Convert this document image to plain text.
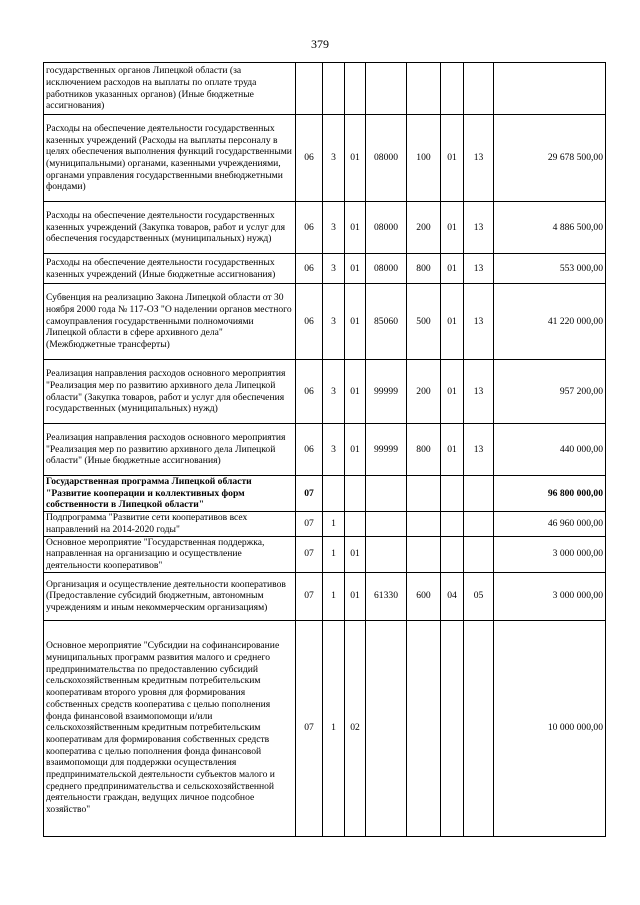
379
государственных органов Липецкой области (за исключением расходов на выплаты по оплате труда работников указанных органов) (Иные бюджетные ассигнования)								
Расходы на обеспечение деятельности государственных казенных учреждений (Расходы на выплаты персоналу в целях обеспечения выполнения функций государственными (муниципальными) органами, казенными учреждениями, органами управления государственными внебюджетными фондами)	06	3	01	08000	100	01	13	29 678 500,00
Расходы на обеспечение деятельности государственных казенных учреждений (Закупка товаров, работ и услуг для обеспечения государственных (муниципальных) нужд)	06	3	01	08000	200	01	13	4 886 500,00
Расходы на обеспечение деятельности государственных казенных учреждений (Иные бюджетные ассигнования)	06	3	01	08000	800	01	13	553 000,00
Субвенция на реализацию Закона Липецкой области от 30 ноября 2000 года № 117-ОЗ "О наделении органов местного самоуправления государственными полномочиями Липецкой области в сфере архивного дела" (Межбюджетные трансферты)	06	3	01	85060	500	01	13	41 220 000,00
Реализация направления расходов основного мероприятия "Реализация мер по развитию архивного дела Липецкой области" (Закупка товаров, работ и услуг для обеспечения государственных (муниципальных) нужд)	06	3	01	99999	200	01	13	957 200,00
Реализация направления расходов основного мероприятия "Реализация мер по развитию архивного дела Липецкой области" (Иные бюджетные ассигнования)	06	3	01	99999	800	01	13	440 000,00
Государственная программа Липецкой области "Развитие кооперации и коллективных форм собственности в Липецкой области"	07							96 800 000,00
Подпрограмма "Развитие сети кооперативов всех направлений на 2014-2020 годы"	07	1						46 960 000,00
Основное мероприятие "Государственная поддержка, направленная на организацию и осуществление деятельности кооперативов"	07	1	01					3 000 000,00
Организация и осуществление деятельности кооперативов (Предоставление субсидий бюджетным, автономным учреждениям и иным некоммерческим организациям)	07	1	01	61330	600	04	05	3 000 000,00
Основное мероприятие "Субсидии на софинансирование муниципальных программ развития малого и среднего предпринимательства по предоставлению субсидий сельскохозяйственным кредитным потребительским кооперативам второго уровня для формирования собственных средств кооператива с целью пополнения фонда финансовой взаимопомощи и/или сельскохозяйственным кредитным потребительским кооперативам для формирования собственных средств кооператива с целью пополнения фонда финансовой взаимопомощи для поддержки осуществления предпринимательской деятельности субъектов малого и среднего предпринимательства и сельскохозяйственной деятельности граждан, ведущих личное подсобное хозяйство"	07	1	02					10 000 000,00
